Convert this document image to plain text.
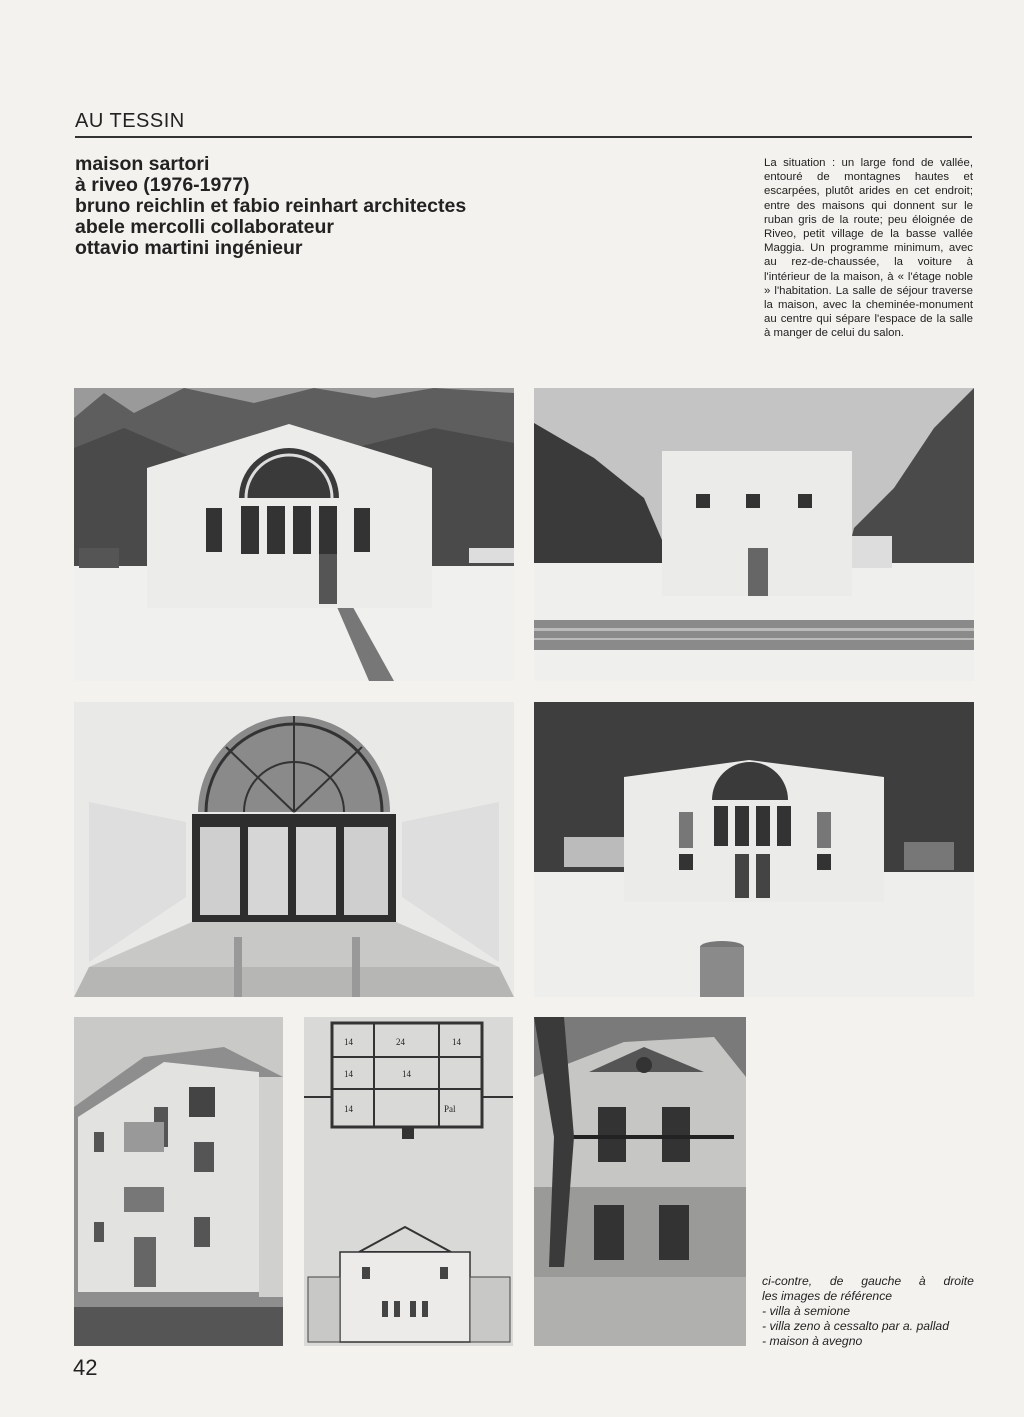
AU TESSIN
maison sartori
à riveo (1976-1977)
bruno reichlin et fabio reinhart architectes
abele mercolli collaborateur
ottavio martini ingénieur
La situation : un large fond de vallée, entouré de montagnes hautes et escarpées, plutôt arides en cet endroit; entre des maisons qui donnent sur le ruban gris de la route; peu éloignée de Riveo, petit village de la basse vallée Maggia. Un programme minimum, avec au rez-de-chaussée, la voiture à l'intérieur de la maison, à « l'étage noble » l'habitation. La salle de séjour traverse la maison, avec la cheminée-monument au centre qui sépare l'espace de la salle à manger de celui du salon.
14	24	14
14	14
Pal
14
ci-contre, de gauche à droite
les images de référence
- villa à semione
- villa zeno à cessalto par a. pallad
- maison à avegno
42
